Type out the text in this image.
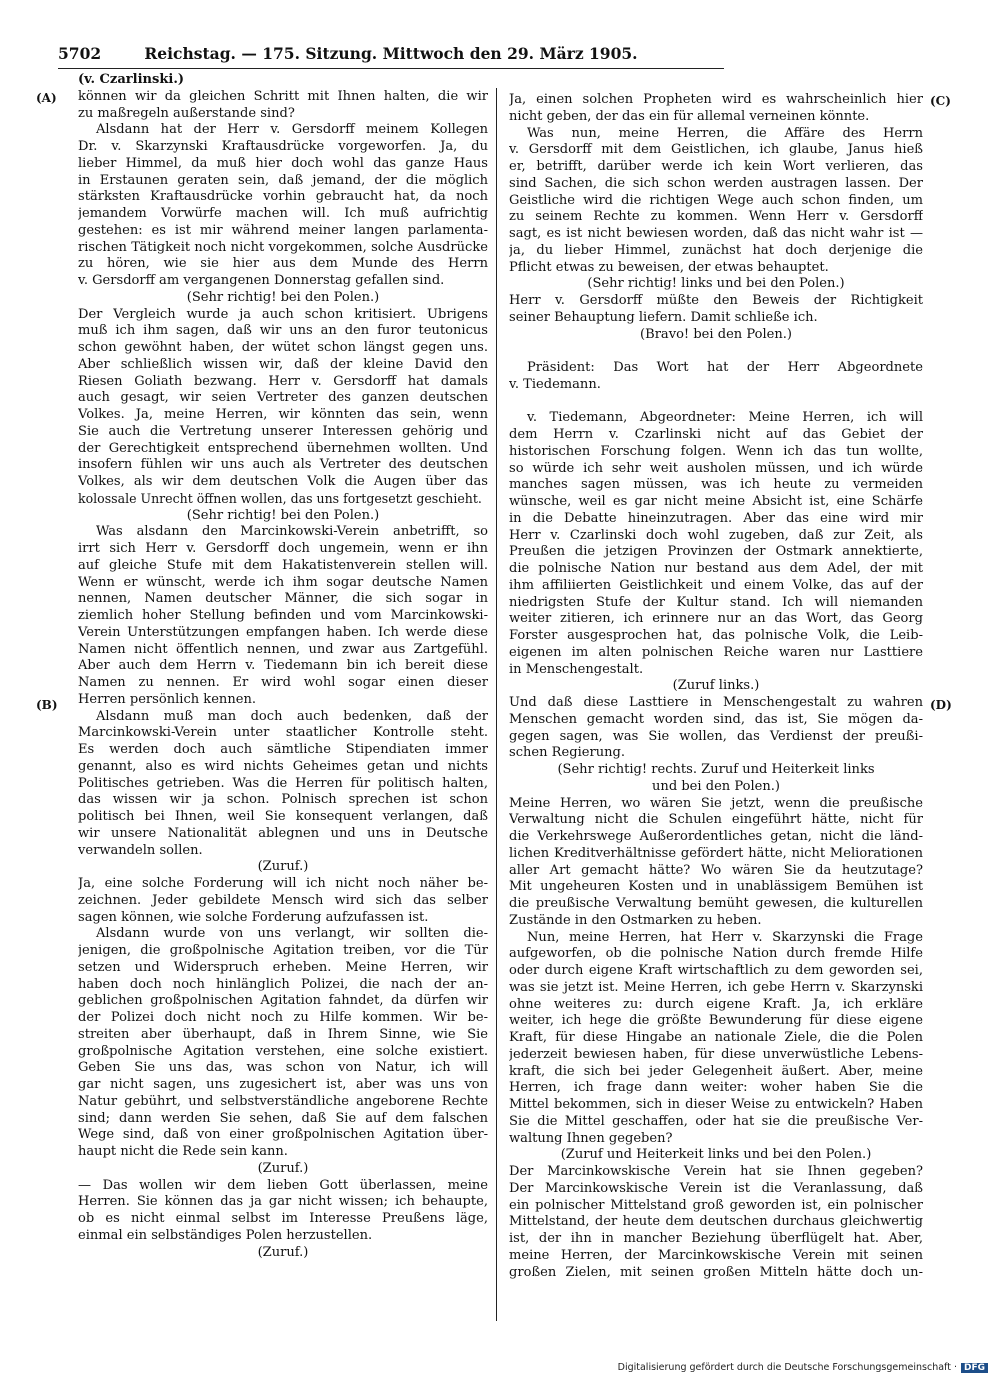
5702	Reichstag. — 175. Sitzung. Mittwoch den 29. März 1905.
(A)
(B)
(C)
(D)
(v. Czarlinski.)
können wir da gleichen Schritt mit Ihnen halten, die wir
zu maßregeln außerstande sind?
Alsdann hat der Herr v. Gersdorff meinem Kollegen
Dr. v. Skarzynski Kraftausdrücke vorgeworfen. Ja, du
lieber Himmel, da muß hier doch wohl das ganze Haus
in Erstaunen geraten sein, daß jemand, der die möglich
stärksten Kraftausdrücke vorhin gebraucht hat, da noch
jemandem Vorwürfe machen will. Ich muß aufrichtig
gestehen: es ist mir während meiner langen parlamenta-
rischen Tätigkeit noch nicht vorgekommen, solche Ausdrücke
zu hören, wie sie hier aus dem Munde des Herrn
v. Gersdorff am vergangenen Donnerstag gefallen sind.
(Sehr richtig! bei den Polen.)
Der Vergleich wurde ja auch schon kritisiert. Übrigens
muß ich ihm sagen, daß wir uns an den furor teutonicus
schon gewöhnt haben, der wütet schon längst gegen uns.
Aber schließlich wissen wir, daß der kleine David den
Riesen Goliath bezwang. Herr v. Gersdorff hat damals
auch gesagt, wir seien Vertreter des ganzen deutschen
Volkes. Ja, meine Herren, wir könnten das sein, wenn
Sie auch die Vertretung unserer Interessen gehörig und
der Gerechtigkeit entsprechend übernehmen wollten. Und
insofern fühlen wir uns auch als Vertreter des deutschen
Volkes, als wir dem deutschen Volk die Augen über das
kolossale Unrecht öffnen wollen, das uns fortgesetzt geschieht.
(Sehr richtig! bei den Polen.)
Was alsdann den Marcinkowski-Verein anbetrifft, so
irrt sich Herr v. Gersdorff doch ungemein, wenn er ihn
auf gleiche Stufe mit dem Hakatistenverein stellen will.
Wenn er wünscht, werde ich ihm sogar deutsche Namen
nennen, Namen deutscher Männer, die sich sogar in
ziemlich hoher Stellung befinden und vom Marcinkowski-
Verein Unterstützungen empfangen haben. Ich werde diese
Namen nicht öffentlich nennen, und zwar aus Zartgefühl.
Aber auch dem Herrn v. Tiedemann bin ich bereit diese
Namen zu nennen. Er wird wohl sogar einen dieser
Herren persönlich kennen.
Alsdann muß man doch auch bedenken, daß der
Marcinkowski-Verein unter staatlicher Kontrolle steht.
Es werden doch auch sämtliche Stipendiaten immer
genannt, also es wird nichts Geheimes getan und nichts
Politisches getrieben. Was die Herren für politisch halten,
das wissen wir ja schon. Polnisch sprechen ist schon
politisch bei Ihnen, weil Sie konsequent verlangen, daß
wir unsere Nationalität ablegnen und uns in Deutsche
verwandeln sollen.
(Zuruf.)
Ja, eine solche Forderung will ich nicht noch näher be-
zeichnen. Jeder gebildete Mensch wird sich das selber
sagen können, wie solche Forderung aufzufassen ist.
Alsdann wurde von uns verlangt, wir sollten die-
jenigen, die großpolnische Agitation treiben, vor die Tür
setzen und Widerspruch erheben. Meine Herren, wir
haben doch noch hinlänglich Polizei, die nach der an-
geblichen großpolnischen Agitation fahndet, da dürfen wir
der Polizei doch nicht noch zu Hilfe kommen. Wir be-
streiten aber überhaupt, daß in Ihrem Sinne, wie Sie
großpolnische Agitation verstehen, eine solche existiert.
Geben Sie uns das, was schon von Natur, ich will
gar nicht sagen, uns zugesichert ist, aber was uns von
Natur gebührt, und selbstverständliche angeborene Rechte
sind; dann werden Sie sehen, daß Sie auf dem falschen
Wege sind, daß von einer großpolnischen Agitation über-
haupt nicht die Rede sein kann.
(Zuruf.)
— Das wollen wir dem lieben Gott überlassen, meine
Herren. Sie können das ja gar nicht wissen; ich behaupte,
ob es nicht einmal selbst im Interesse Preußens läge,
einmal ein selbständiges Polen herzustellen.
(Zuruf.)
Ja, einen solchen Propheten wird es wahrscheinlich hier
nicht geben, der das ein für allemal verneinen könnte.
Was nun, meine Herren, die Affäre des Herrn
v. Gersdorff mit dem Geistlichen, ich glaube, Janus hieß
er, betrifft, darüber werde ich kein Wort verlieren, das
sind Sachen, die sich schon werden austragen lassen. Der
Geistliche wird die richtigen Wege auch schon finden, um
zu seinem Rechte zu kommen. Wenn Herr v. Gersdorff
sagt, es ist nicht bewiesen worden, daß das nicht wahr ist —
ja, du lieber Himmel, zunächst hat doch derjenige die
Pflicht etwas zu beweisen, der etwas behauptet.
(Sehr richtig! links und bei den Polen.)
Herr v. Gersdorff müßte den Beweis der Richtigkeit
seiner Behauptung liefern. Damit schließe ich.
(Bravo! bei den Polen.)
Präsident: Das Wort hat der Herr Abgeordnete
v. Tiedemann.
v. Tiedemann, Abgeordneter: Meine Herren, ich will
dem Herrn v. Czarlinski nicht auf das Gebiet der
historischen Forschung folgen. Wenn ich das tun wollte,
so würde ich sehr weit ausholen müssen, und ich würde
manches sagen müssen, was ich heute zu vermeiden
wünsche, weil es gar nicht meine Absicht ist, eine Schärfe
in die Debatte hineinzutragen. Aber das eine wird mir
Herr v. Czarlinski doch wohl zugeben, daß zur Zeit, als
Preußen die jetzigen Provinzen der Ostmark annektierte,
die polnische Nation nur bestand aus dem Adel, der mit
ihm affiliierten Geistlichkeit und einem Volke, das auf der
niedrigsten Stufe der Kultur stand. Ich will niemanden
weiter zitieren, ich erinnere nur an das Wort, das Georg
Forster ausgesprochen hat, das polnische Volk, die Leib-
eigenen im alten polnischen Reiche waren nur Lasttiere
in Menschengestalt.
(Zuruf links.)
Und daß diese Lasttiere in Menschengestalt zu wahren
Menschen gemacht worden sind, das ist, Sie mögen da-
gegen sagen, was Sie wollen, das Verdienst der preußi-
schen Regierung.
(Sehr richtig! rechts. Zuruf und Heiterkeit links
und bei den Polen.)
Meine Herren, wo wären Sie jetzt, wenn die preußische
Verwaltung nicht die Schulen eingeführt hätte, nicht für
die Verkehrswege Außerordentliches getan, nicht die länd-
lichen Kreditverhältnisse gefördert hätte, nicht Meliorationen
aller Art gemacht hätte? Wo wären Sie da heutzutage?
Mit ungeheuren Kosten und in unablässigem Bemühen ist
die preußische Verwaltung bemüht gewesen, die kulturellen
Zustände in den Ostmarken zu heben.
Nun, meine Herren, hat Herr v. Skarzynski die Frage
aufgeworfen, ob die polnische Nation durch fremde Hilfe
oder durch eigene Kraft wirtschaftlich zu dem geworden sei,
was sie jetzt ist. Meine Herren, ich gebe Herrn v. Skarzynski
ohne weiteres zu: durch eigene Kraft. Ja, ich erkläre
weiter, ich hege die größte Bewunderung für diese eigene
Kraft, für diese Hingabe an nationale Ziele, die die Polen
jederzeit bewiesen haben, für diese unverwüstliche Lebens-
kraft, die sich bei jeder Gelegenheit äußert. Aber, meine
Herren, ich frage dann weiter: woher haben Sie die
Mittel bekommen, sich in dieser Weise zu entwickeln? Haben
Sie die Mittel geschaffen, oder hat sie die preußische Ver-
waltung Ihnen gegeben?
(Zuruf und Heiterkeit links und bei den Polen.)
Der Marcinkowskische Verein hat sie Ihnen gegeben?
Der Marcinkowskische Verein ist die Veranlassung, daß
ein polnischer Mittelstand groß geworden ist, ein polnischer
Mittelstand, der heute dem deutschen durchaus gleichwertig
ist, der ihn in mancher Beziehung überflügelt hat. Aber,
meine Herren, der Marcinkowskische Verein mit seinen
großen Zielen, mit seinen großen Mitteln hätte doch un-
Digitalisierung gefördert durch die Deutsche Forschungsgemeinschaft · DFG
